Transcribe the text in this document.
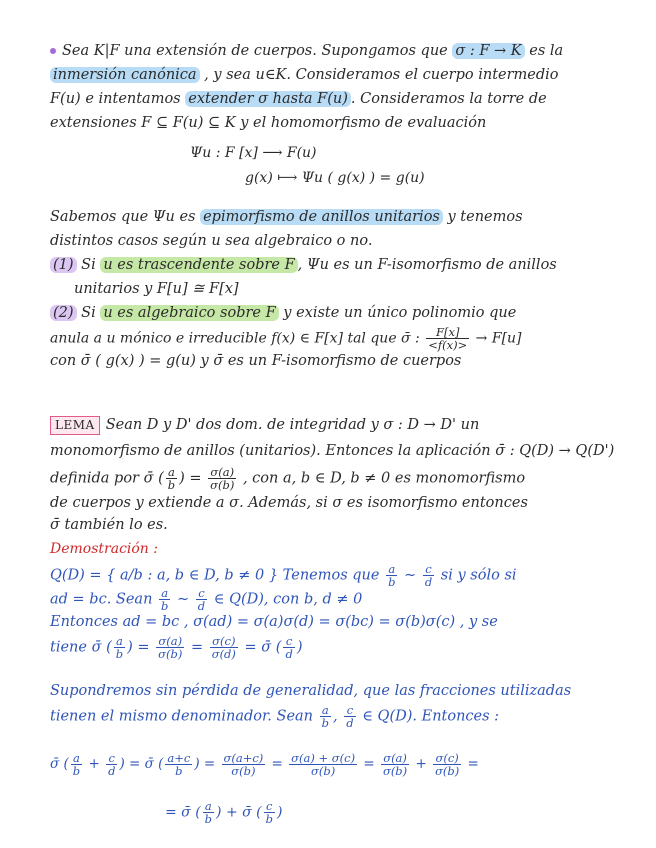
Sea K|F una extensión de cuerpos. Supongamos que σ : F → K es la
inmersión canónica , y sea u∈K. Consideramos el cuerpo intermedio
F(u) e intentamos extender σ hasta F(u) . Consideramos la torre de
extensiones F ⊆ F(u) ⊆ K y el homomorfismo de evaluación
Ψu : F [x] ⟶ F(u)
g(x) ⟼ Ψu ( g(x) ) = g(u)
Sabemos que Ψu es epimorfismo de anillos unitarios y tenemos
distintos casos según u sea algebraico o no.
(1) Si u es trascendente sobre F , Ψu es un F-isomorfismo de anillos
unitarios y F[u] ≅ F[x]
(2) Si u es algebraico sobre F y existe un único polinomio que
anula a u mónico e irreducible f(x) ∈ F[x] tal que σ̄ : $\frac{F[x]}{<f(x)>} \to F[u]$
con σ̄ ( g(x) ) = g(u) y σ̄ es un F-isomorfismo de cuerpos
LEMA Sean D y D' dos dom. de integridad y σ : D → D' un
monomorfismo de anillos (unitarios). Entonces la aplicación σ̄ : Q(D) → Q(D')
definida por σ̄ ( $\frac{a}{b}$ ) = $\frac{\sigma(a)}{\sigma(b)}$ , con a, b ∈ D, b ≠ 0 es monomorfismo
de cuerpos y extiende a σ. Además, si σ es isomorfismo entonces
σ̄ también lo es.
Demostración :
Q(D) = { a/b : a, b ∈ D, b ≠ 0 } Tenemos que $\frac{a}{b}$ ∼ $\frac{c}{d}$ si y sólo si
ad = bc. Sean $\frac{a}{b}$ ∼ $\frac{c}{d}$ ∈ Q(D), con b, d ≠ 0
Entonces ad = bc , σ(ad) = σ(a)σ(d) = σ(bc) = σ(b)σ(c) , y se
tiene σ̄ ( $\frac{a}{b}$ ) = $\frac{\sigma(a)}{\sigma(b)} = \frac{\sigma(c)}{\sigma(d)}$ = σ̄ ( $\frac{c}{d}$ )
Supondremos sin pérdida de generalidad, que las fracciones utilizadas
tienen el mismo denominador. Sean $\frac{a}{b}$ , $\frac{c}{d}$ ∈ Q(D). Entonces :
σ̄ ( $\frac{a}{b} + \frac{c}{d}$ ) = σ̄ ( $\frac{a+c}{b}$ ) = $\frac{\sigma(a+c)}{\sigma(b)} = \frac{\sigma(a) + \sigma(c)}{\sigma(b)} = \frac{\sigma(a)}{\sigma(b)} + \frac{\sigma(c)}{\sigma(b)}$ =
= σ̄ ( $\frac{a}{b}$ ) + σ̄ ( $\frac{c}{b}$ )
